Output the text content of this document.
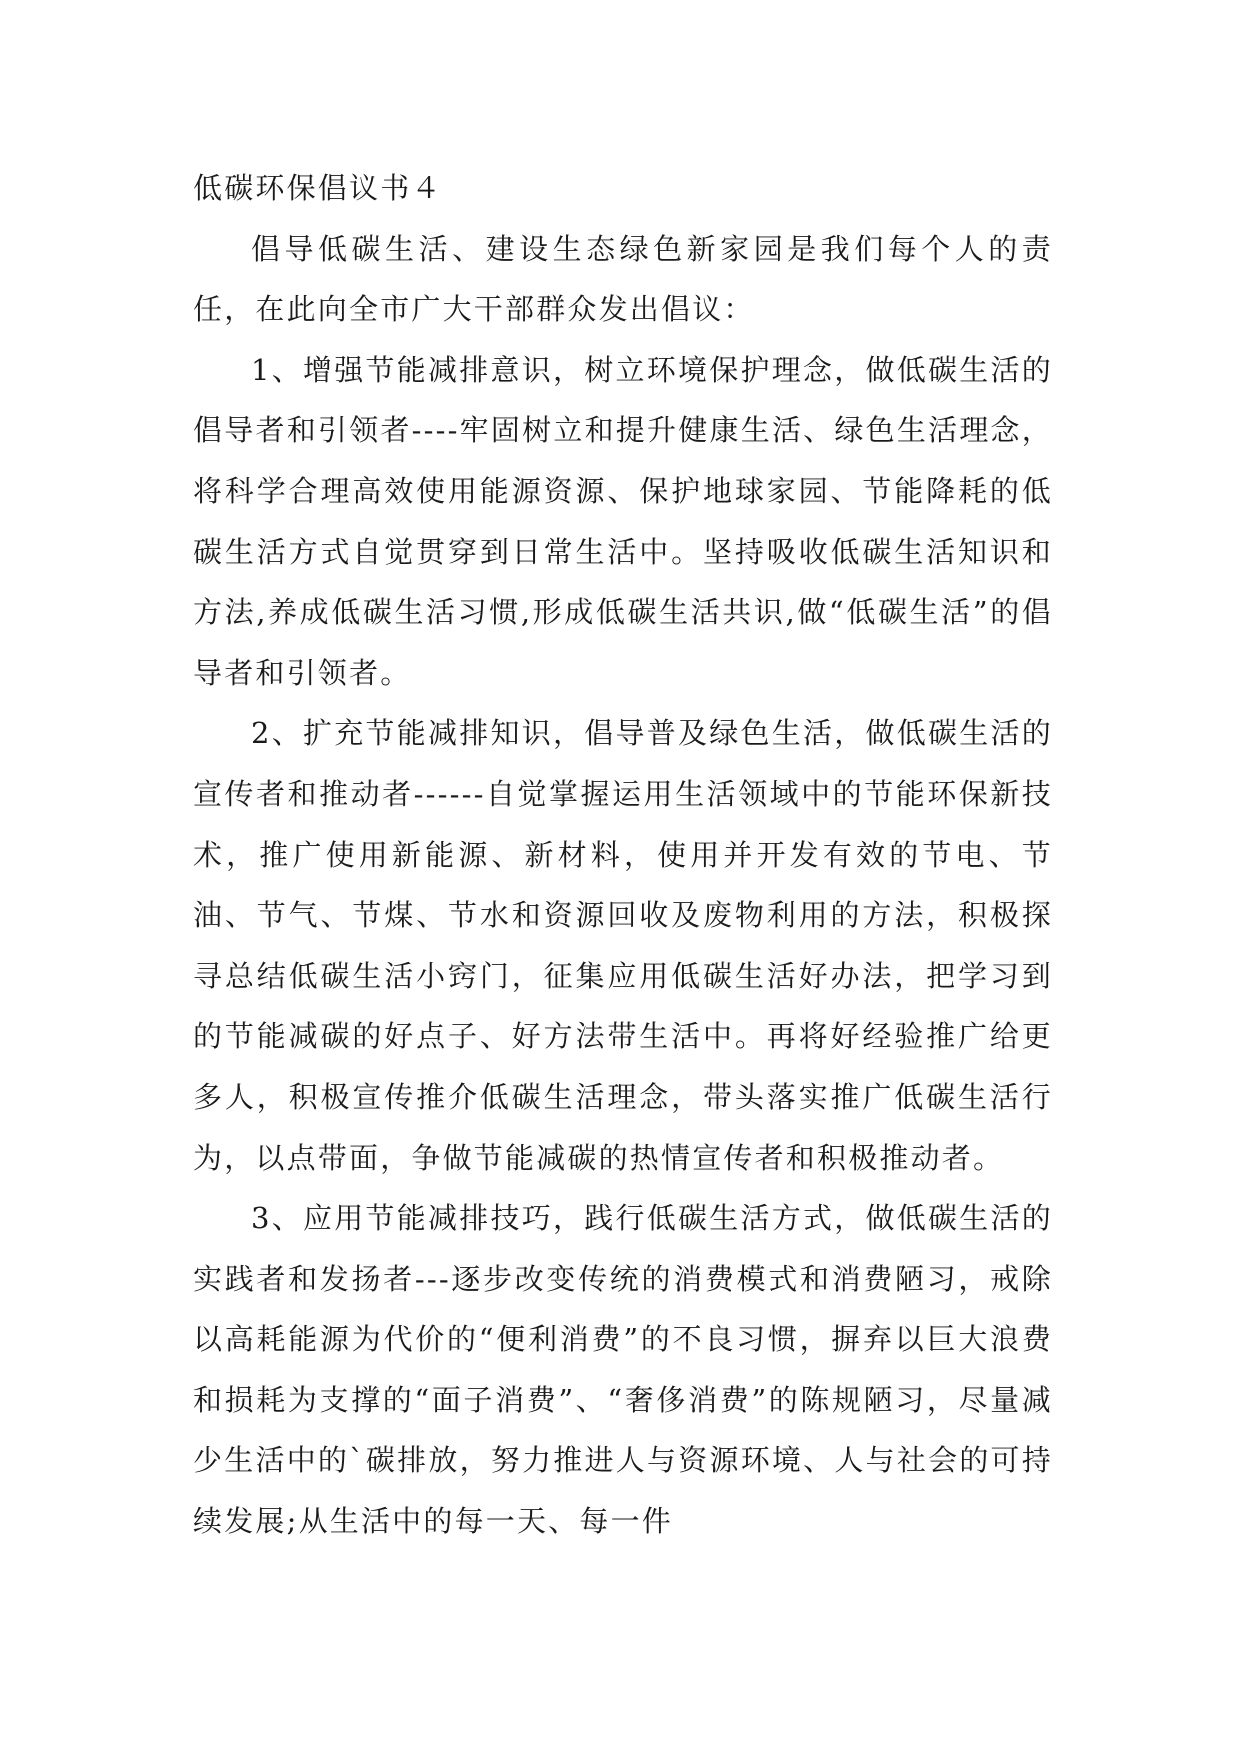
低碳环保倡议书４

倡导低碳生活、建设生态绿色新家园是我们每个人的责任，在此向全市广大干部群众发出倡议：

1、增强节能减排意识，树立环境保护理念，做低碳生活的倡导者和引领者----牢固树立和提升健康生活、绿色生活理念，将科学合理高效使用能源资源、保护地球家园、节能降耗的低碳生活方式自觉贯穿到日常生活中。坚持吸收低碳生活知识和方法,养成低碳生活习惯,形成低碳生活共识,做“低碳生活”的倡导者和引领者。

2、扩充节能减排知识，倡导普及绿色生活，做低碳生活的宣传者和推动者------自觉掌握运用生活领域中的节能环保新技术，推广使用新能源、新材料，使用并开发有效的节电、节油、节气、节煤、节水和资源回收及废物利用的方法，积极探寻总结低碳生活小窍门，征集应用低碳生活好办法，把学习到的节能减碳的好点子、好方法带生活中。再将好经验推广给更多人，积极宣传推介低碳生活理念，带头落实推广低碳生活行为，以点带面，争做节能减碳的热情宣传者和积极推动者。

3、应用节能减排技巧，践行低碳生活方式，做低碳生活的实践者和发扬者---逐步改变传统的消费模式和消费陋习，戒除以高耗能源为代价的“便利消费”的不良习惯，摒弃以巨大浪费和损耗为支撑的“面子消费”、“奢侈消费”的陈规陋习，尽量减少生活中的`碳排放，努力推进人与资源环境、人与社会的可持续发展;从生活中的每一天、每一件
